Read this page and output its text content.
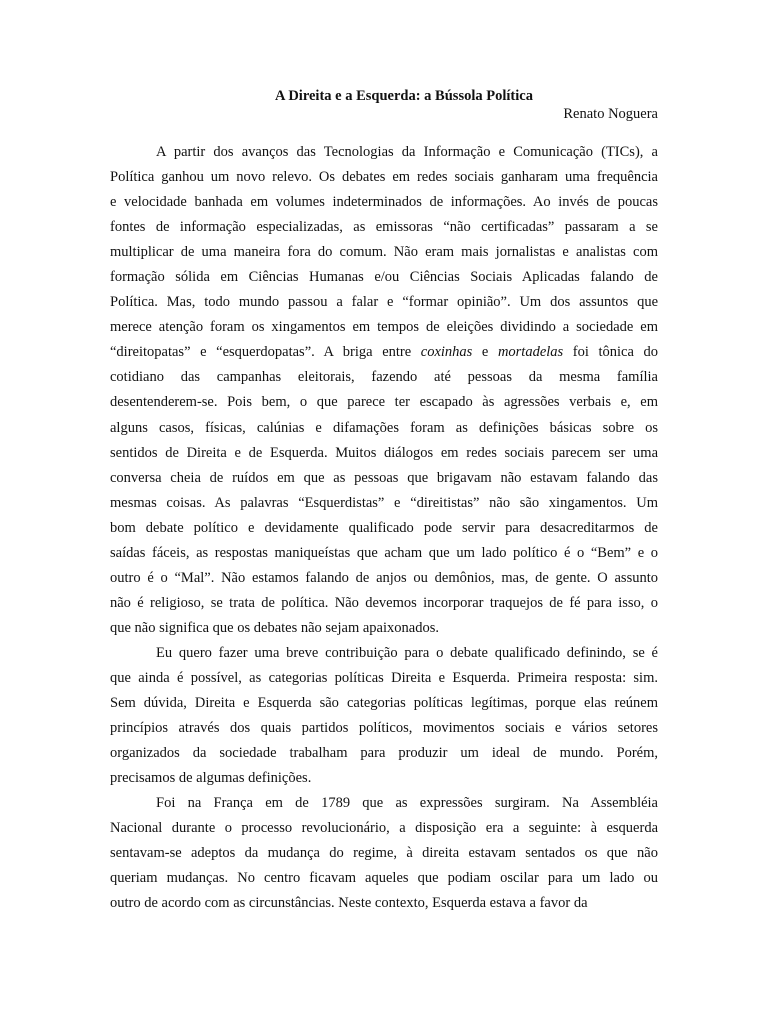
A Direita e a Esquerda: a Bússola Política
Renato Noguera
A partir dos avanços das Tecnologias da Informação e Comunicação (TICs), a
Política ganhou um novo relevo. Os debates em redes sociais ganharam uma frequência
e velocidade banhada em volumes indeterminados de informações. Ao invés de poucas
fontes de informação especializadas, as emissoras “não certificadas” passaram a se
multiplicar de uma maneira fora do comum. Não eram mais jornalistas e analistas com
formação sólida em Ciências Humanas e/ou Ciências Sociais Aplicadas falando de
Política. Mas, todo mundo passou a falar e “formar opinião”. Um dos assuntos que
merece atenção foram os xingamentos em tempos de eleições dividindo a sociedade em
“direitopatas” e “esquerdopatas”. A briga entre coxinhas e mortadelas foi tônica do
cotidiano das campanhas eleitorais, fazendo até pessoas da mesma família
desentenderem-se. Pois bem, o que parece ter escapado às agressões verbais e, em
alguns casos, físicas, calúnias e difamações foram as definições básicas sobre os
sentidos de Direita e de Esquerda. Muitos diálogos em redes sociais parecem ser uma
conversa cheia de ruídos em que as pessoas que brigavam não estavam falando das
mesmas coisas. As palavras “Esquerdistas” e “direitistas” não são xingamentos. Um
bom debate político e devidamente qualificado pode servir para desacreditarmos de
saídas fáceis, as respostas maniqueístas que acham que um lado político é o “Bem” e o
outro é o “Mal”. Não estamos falando de anjos ou demônios, mas, de gente. O assunto
não é religioso, se trata de política. Não devemos incorporar traquejos de fé para isso, o
que não significa que os debates não sejam apaixonados.
Eu quero fazer uma breve contribuição para o debate qualificado definindo, se é
que ainda é possível, as categorias políticas Direita e Esquerda. Primeira resposta: sim.
Sem dúvida, Direita e Esquerda são categorias políticas legítimas, porque elas reúnem
princípios através dos quais partidos políticos, movimentos sociais e vários setores
organizados da sociedade trabalham para produzir um ideal de mundo. Porém,
precisamos de algumas definições.
Foi na França em de 1789 que as expressões surgiram. Na Assembléia
Nacional durante o processo revolucionário, a disposição era a seguinte: à esquerda
sentavam-se adeptos da mudança do regime, à direita estavam sentados os que não
queriam mudanças. No centro ficavam aqueles que podiam oscilar para um lado ou
outro de acordo com as circunstâncias. Neste contexto, Esquerda estava a favor da
